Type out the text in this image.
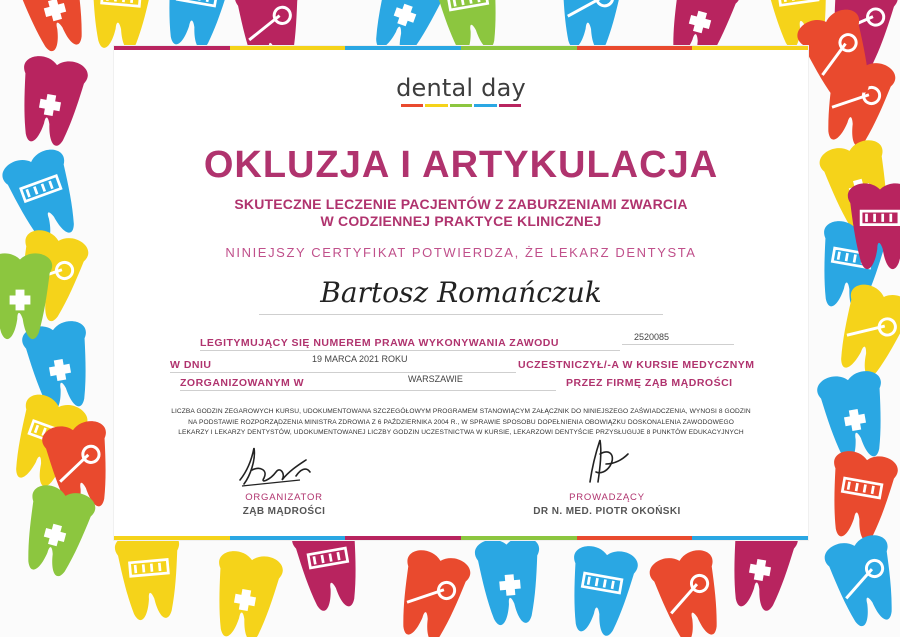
dental day
OKLUZJA I ARTYKULACJA
SKUTECZNE LECZENIE PACJENTÓW Z ZABURZENIAMI ZWARCIA
W CODZIENNEJ PRAKTYCE KLINICZNEJ
NINIEJSZY CERTYFIKAT POTWIERDZA, ŻE LEKARZ DENTYSTA
Bartosz Romańczuk
LEGITYMUJĄCY SIĘ NUMEREM PRAWA WYKONYWANIA ZAWODU	2520085
W DNIU	19 MARCA 2021 ROKU	UCZESTNICZYŁ/-A W KURSIE MEDYCZNYM
ZORGANIZOWANYM W	WARSZAWIE	PRZEZ FIRMĘ ZĄB MĄDROŚCI
LICZBA GODZIN ZEGAROWYCH KURSU, UDOKUMENTOWANA SZCZEGÓŁOWYM PROGRAMEM STANOWIĄCYM ZAŁĄCZNIK DO NINIEJSZEGO ZAŚWIADCZENIA, WYNOSI 8 GODZIN
NA PODSTAWIE ROZPORZĄDZENIA MINISTRA ZDROWIA Z 6 PAŹDZIERNIKA 2004 R., W SPRAWIE SPOSOBU DOPEŁNIENIA OBOWIĄZKU DOSKONALENIA ZAWODOWEGO
LEKARZY I LEKARZY DENTYSTÓW, UDOKUMENTOWANEJ LICZBY GODZIN UCZESTNICTWA W KURSIE, LEKARZOWI DENTYŚCIE PRZYSŁUGUJE 8 PUNKTÓW EDUKACYJNYCH
ORGANIZATOR
ZĄB MĄDROŚCI
PROWADZĄCY
DR N. MED. PIOTR OKOŃSKI
